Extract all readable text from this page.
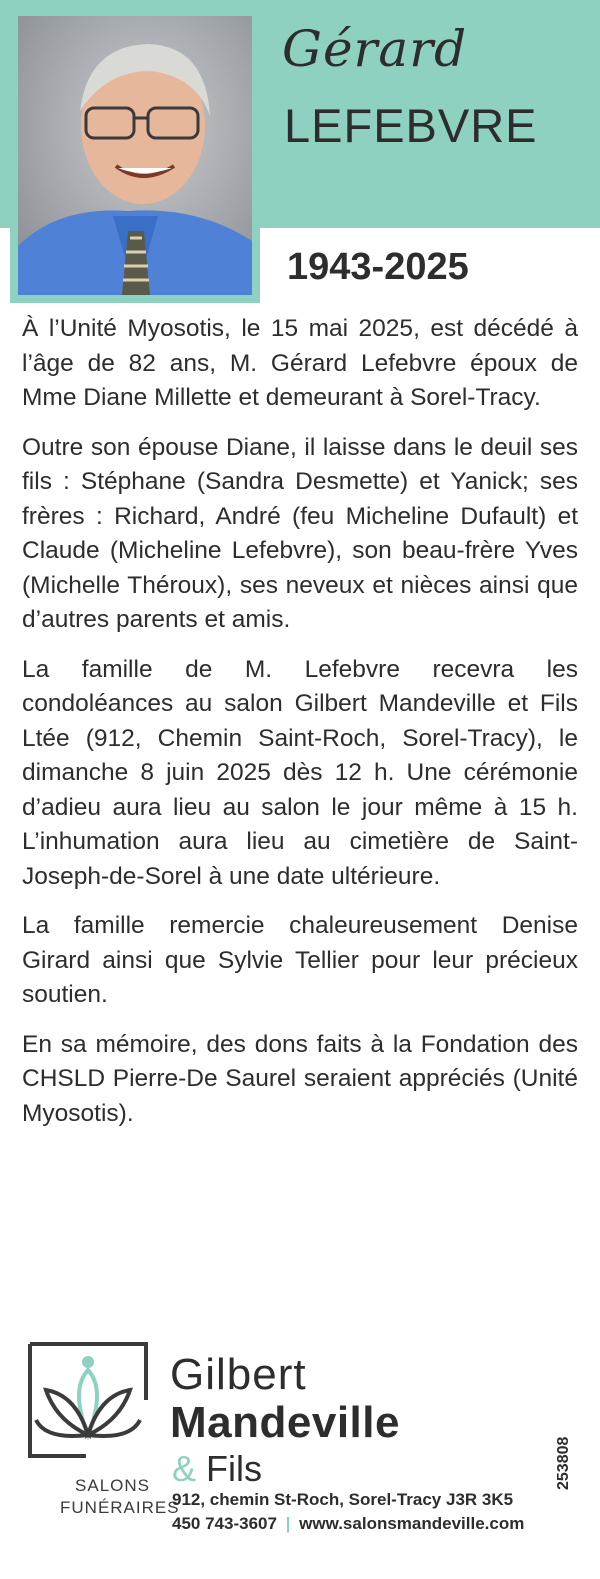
Gérard
LEFEBVRE
1943-2025

À l’Unité Myosotis, le 15 mai 2025, est décédé à l’âge de 82 ans, M. Gérard Lefebvre époux de Mme Diane Millette et demeurant à Sorel-Tracy.

Outre son épouse Diane, il laisse dans le deuil ses fils : Stéphane (Sandra Desmette) et Yanick; ses frères : Richard, André (feu Micheline Dufault) et Claude (Micheline Lefebvre), son beau-frère Yves (Michelle Théroux), ses neveux et nièces ainsi que d’autres parents et amis.

La famille de M. Lefebvre recevra les condoléances au salon Gilbert Mandeville et Fils Ltée (912, Chemin Saint-Roch, Sorel-Tracy), le dimanche 8 juin 2025 dès 12 h. Une cérémonie d’adieu aura lieu au salon le jour même à 15 h. L’inhumation aura lieu au cimetière de Saint-Joseph-de-Sorel à une date ultérieure.

La famille remercie chaleureusement Denise Girard ainsi que Sylvie Tellier pour leur précieux soutien.

En sa mémoire, des dons faits à la Fondation des CHSLD Pierre-De Saurel seraient appréciés (Unité Myosotis).

SALONS
FUNÉRAIRES
Gilbert
Mandeville
& Fils
912, chemin St-Roch, Sorel-Tracy J3R 3K5
450 743-3607 | www.salonsmandeville.com
253808
